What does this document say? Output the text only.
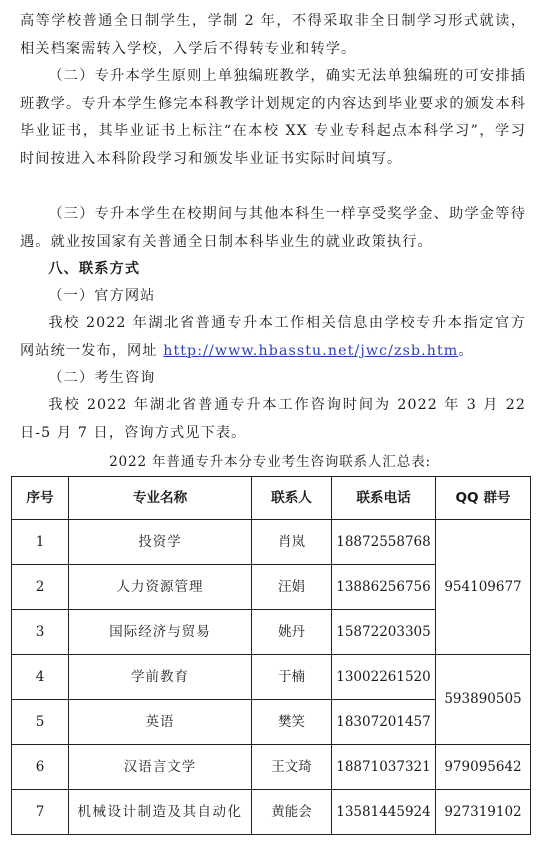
高等学校普通全日制学生，学制 2 年，不得采取非全日制学习形式就读，相关档案需转入学校，入学后不得转专业和转学。
（二）专升本学生原则上单独编班教学，确实无法单独编班的可安排插班教学。专升本学生修完本科教学计划规定的内容达到毕业要求的颁发本科毕业证书，其毕业证书上标注“在本校 XX 专业专科起点本科学习”，学习时间按进入本科阶段学习和颁发毕业证书实际时间填写。
（三）专升本学生在校期间与其他本科生一样享受奖学金、助学金等待遇。就业按国家有关普通全日制本科毕业生的就业政策执行。
八、联系方式
（一）官方网站
我校 2022 年湖北省普通专升本工作相关信息由学校专升本指定官方网站统一发布，网址 http://www.hbasstu.net/jwc/zsb.htm。
（二）考生咨询
我校 2022 年湖北省普通专升本工作咨询时间为 2022 年 3 月 22 日-5 月 7 日，咨询方式见下表。
2022 年普通专升本分专业考生咨询联系人汇总表:
序号	专业名称	联系人	联系电话	QQ 群号
1	投资学	肖岚	18872558768	954109677
2	人力资源管理	汪娟	13886256756	
3	国际经济与贸易	姚丹	15872203305	
4	学前教育	于楠	13002261520	593890505
5	英语	樊笑	18307201457	
6	汉语言文学	王文琦	18871037321	979095642
7	机械设计制造及其自动化	黄能会	13581445924	927319102
